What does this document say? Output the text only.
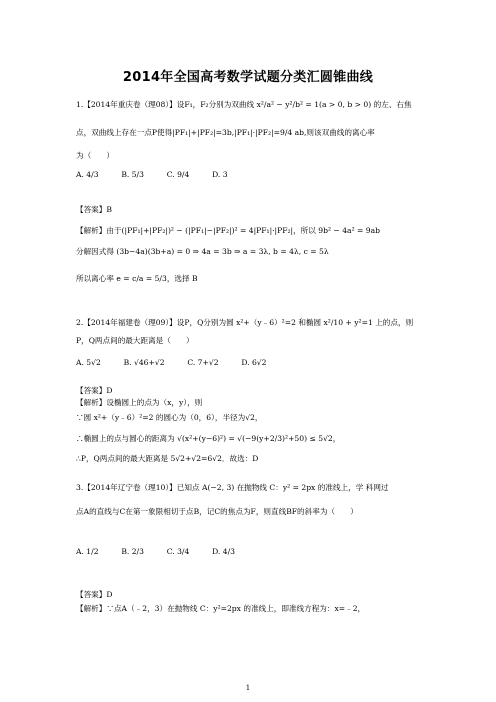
2014年全国高考数学试题分类汇圆锥曲线
1.【2014年重庆卷（理08）】设F₁，F₂分别为双曲线 x²/a² − y²/b² = 1(a > 0, b > 0) 的左、右焦
点，双曲线上存在一点P使得|PF₁|+|PF₂|=3b,|PF₁|·|PF₂|=9/4 ab,则该双曲线的离心率
为（　　）
A. 4/3　　　B. 5/3　　　C. 9/4　　　D. 3
【答案】B
【解析】由于(|PF₁|+|PF₂|)² − (|PF₁|−|PF₂|)² = 4|PF₁|·|PF₂|，所以 9b² − 4a² = 9ab
分解因式得 (3b−4a)(3b+a) = 0 ⇒ 4a = 3b ⇒ a = 3λ, b = 4λ, c = 5λ
所以离心率 e = c/a = 5/3，选择 B
2.【2014年福建卷（理09）】设P，Q分别为圆 x²+（y﹣6）²=2 和椭圆 x²/10 + y²=1 上的点，则
P，Q两点间的最大距离是（　　）
A. 5√2　　　B. √46+√2　　　C. 7+√2　　　D. 6√2
【答案】D
【解析】设椭圆上的点为（x，y），则
∵圆 x²+（y﹣6）²=2 的圆心为（0，6），半径为√2，
∴椭圆上的点与圆心的距离为 √(x²+(y−6)²) = √(−9(y+2/3)²+50) ≤ 5√2，
∴P，Q两点间的最大距离是 5√2+√2=6√2．故选：D
3.【2014年辽宁卷（理10）】已知点 A(−2, 3) 在抛物线 C：y² = 2px 的准线上，学 科网过
点A的直线与C在第一象限相切于点B，记C的焦点为F，则直线BF的斜率为（　　）
A. 1/2　　　B. 2/3　　　C. 3/4　　　D. 4/3
【答案】D
【解析】∵点A（﹣2，3）在抛物线 C：y²=2px 的准线上，即准线方程为：x=﹣2，
1
